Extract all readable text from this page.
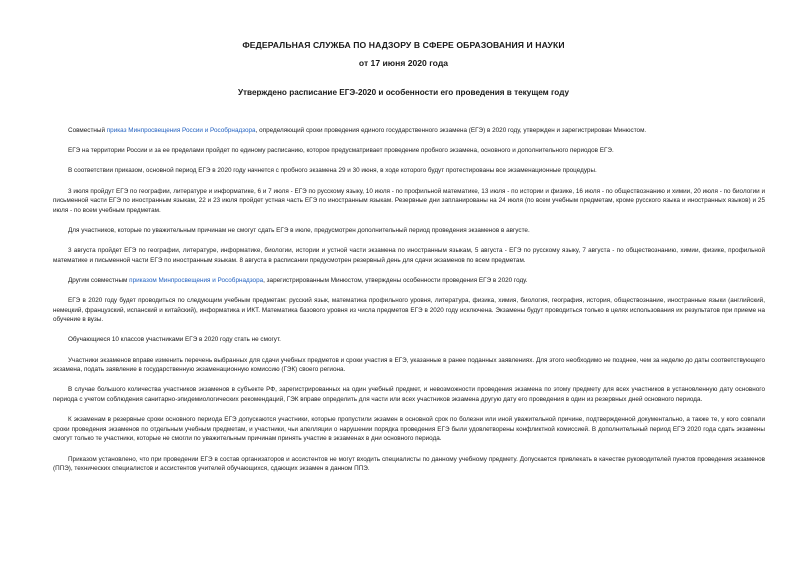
ФЕДЕРАЛЬНАЯ СЛУЖБА ПО НАДЗОРУ В СФЕРЕ ОБРАЗОВАНИЯ И НАУКИ
от 17 июня 2020 года
Утверждено расписание ЕГЭ-2020 и особенности его проведения в текущем году

Совместный приказ Минпросвещения России и Рособрнадзора, определяющий сроки проведения единого государственного экзамена (ЕГЭ) в 2020 году, утвержден и зарегистрирован Минюстом.

ЕГЭ на территории России и за ее пределами пройдет по единому расписанию, которое предусматривает проведение пробного экзамена, основного и дополнительного периодов ЕГЭ.

В соответствии приказом, основной период ЕГЭ в 2020 году начнется с пробного экзамена 29 и 30 июня, в ходе которого будут протестированы все экзаменационные процедуры.

3 июля пройдут ЕГЭ по географии, литературе и информатике, 6 и 7 июля - ЕГЭ по русскому языку, 10 июля - по профильной математике, 13 июля - по истории и физике, 16 июля - по обществознанию и химии, 20 июля - по биологии и письменной части ЕГЭ по иностранным языкам, 22 и 23 июля пройдет устная часть ЕГЭ по иностранным языкам. Резервные дни запланированы на 24 июля (по всем учебным предметам, кроме русского языка и иностранных языков) и 25 июля - по всем учебным предметам.

Для участников, которые по уважительным причинам не смогут сдать ЕГЭ в июле, предусмотрен дополнительный период проведения экзаменов в августе.

3 августа пройдет ЕГЭ по географии, литературе, информатике, биологии, истории и устной части экзамена по иностранным языкам, 5 августа - ЕГЭ по русскому языку, 7 августа - по обществознанию, химии, физике, профильной математике и письменной части ЕГЭ по иностранным языкам. 8 августа в расписании предусмотрен резервный день для сдачи экзаменов по всем предметам.

Другим совместным приказом Минпросвещения и Рособрнадзора, зарегистрированным Минюстом, утверждены особенности проведения ЕГЭ в 2020 году.

ЕГЭ в 2020 году будет проводиться по следующим учебным предметам: русский язык, математика профильного уровня, литература, физика, химия, биология, география, история, обществознание, иностранные языки (английский, немецкий, французский, испанский и китайский), информатика и ИКТ. Математика базового уровня из числа предметов ЕГЭ в 2020 году исключена. Экзамены будут проводиться только в целях использования их результатов при приеме на обучение в вузы.

Обучающиеся 10 классов участниками ЕГЭ в 2020 году стать не смогут.

Участники экзаменов вправе изменить перечень выбранных для сдачи учебных предметов и сроки участия в ЕГЭ, указанные в ранее поданных заявлениях. Для этого необходимо не позднее, чем за неделю до даты соответствующего экзамена, подать заявление в государственную экзаменационную комиссию (ГЭК) своего региона.

В случае большого количества участников экзаменов в субъекте РФ, зарегистрированных на один учебный предмет, и невозможности проведения экзамена по этому предмету для всех участников в установленную дату основного периода с учетом соблюдения санитарно-эпидемиологических рекомендаций, ГЭК вправе определить для части или всех участников экзамена другую дату его проведения в один из резервных дней основного периода.

К экзаменам в резервные сроки основного периода ЕГЭ допускаются участники, которые пропустили экзамен в основной срок по болезни или иной уважительной причине, подтвержденной документально, а также те, у кого совпали сроки проведения экзаменов по отдельным учебным предметам, и участники, чьи апелляции о нарушении порядка проведения ЕГЭ были удовлетворены конфликтной комиссией. В дополнительный период ЕГЭ 2020 года сдать экзамены смогут только те участники, которые не смогли по уважительным причинам принять участие в экзаменах в дни основного периода.

Приказом установлено, что при проведении ЕГЭ в состав организаторов и ассистентов не могут входить специалисты по данному учебному предмету. Допускается привлекать в качестве руководителей пунктов проведения экзаменов (ППЭ), технических специалистов и ассистентов учителей обучающихся, сдающих экзамен в данном ППЭ.
